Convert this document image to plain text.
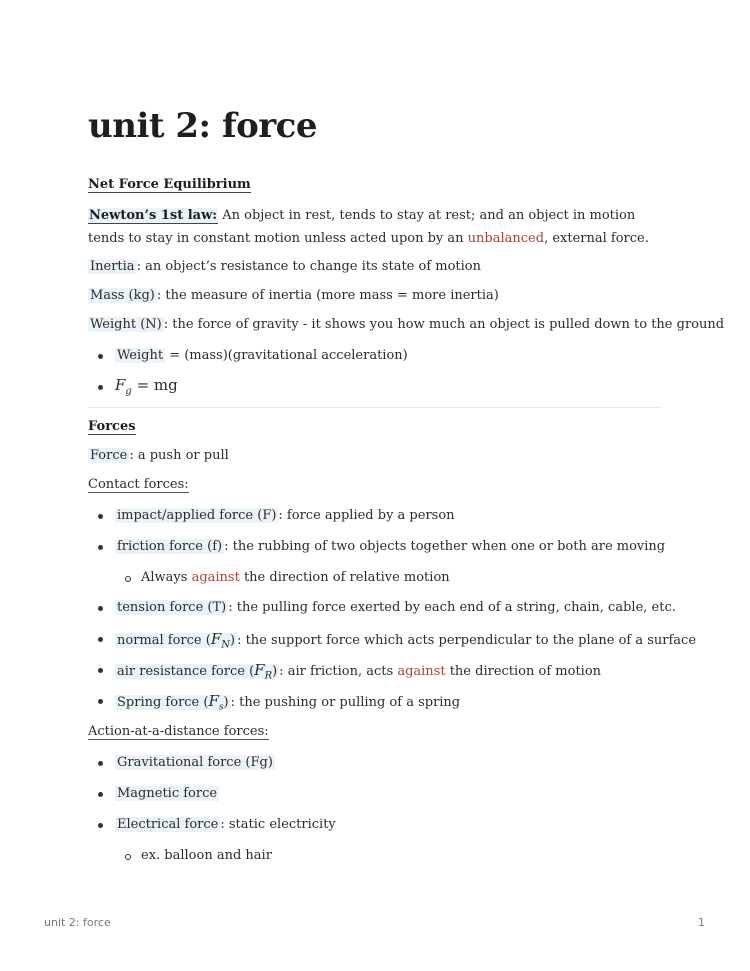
unit 2: force
Net Force Equilibrium
Newton’s 1st law: An object in rest, tends to stay at rest; and an object in motion tends to stay in constant motion unless acted upon by an unbalanced, external force.
Inertia : an object’s resistance to change its state of motion
Mass (kg) : the measure of inertia (more mass = more inertia)
Weight (N) : the force of gravity - it shows you how much an object is pulled down to the ground
Weight = (mass)(gravitational acceleration)
$F_g$ = mg
Forces
Force : a push or pull
Contact forces:
impact/applied force (F) : force applied by a person
friction force (f) : the rubbing of two objects together when one or both are moving
Always against the direction of relative motion
tension force (T) : the pulling force exerted by each end of a string, chain, cable, etc.
normal force $(F_N)$ : the support force which acts perpendicular to the plane of a surface
air resistance force $(F_R)$ : air friction, acts against the direction of motion
Spring force $(F_s)$ : the pushing or pulling of a spring
Action-at-a-distance forces:
Gravitational force (Fg)
Magnetic force
Electrical force : static electricity
ex. balloon and hair
unit 2: force	1
